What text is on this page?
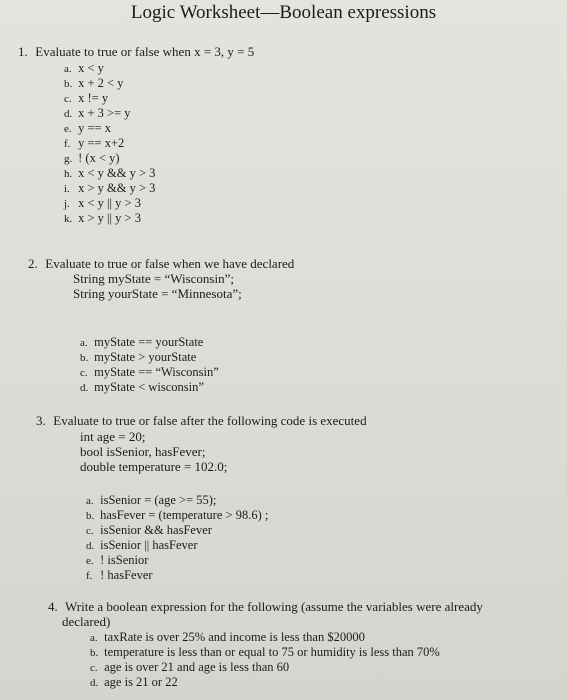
Logic Worksheet—Boolean expressions
1. Evaluate to true or false when x = 3, y = 5
a. x < y
b. x + 2 < y
c. x != y
d. x + 3 >= y
e. y == x
f. y == x+2
g. ! (x < y)
h. x < y && y > 3
i. x > y && y > 3
j. x < y || y > 3
k. x > y || y > 3
2. Evaluate to true or false when we have declared
String myState = “Wisconsin”;
String yourState = “Minnesota”;
a. myState == yourState
b. myState > yourState
c. myState == “Wisconsin”
d. myState < wisconsin”
3. Evaluate to true or false after the following code is executed
int age = 20;
bool isSenior, hasFever;
double temperature = 102.0;
a. isSenior = (age >= 55);
b. hasFever = (temperature > 98.6) ;
c. isSenior && hasFever
d. isSenior || hasFever
e. ! isSenior
f. ! hasFever
4. Write a boolean expression for the following (assume the variables were already
declared)
a. taxRate is over 25% and income is less than $20000
b. temperature is less than or equal to 75 or humidity is less than 70%
c. age is over 21 and age is less than 60
d. age is 21 or 22
